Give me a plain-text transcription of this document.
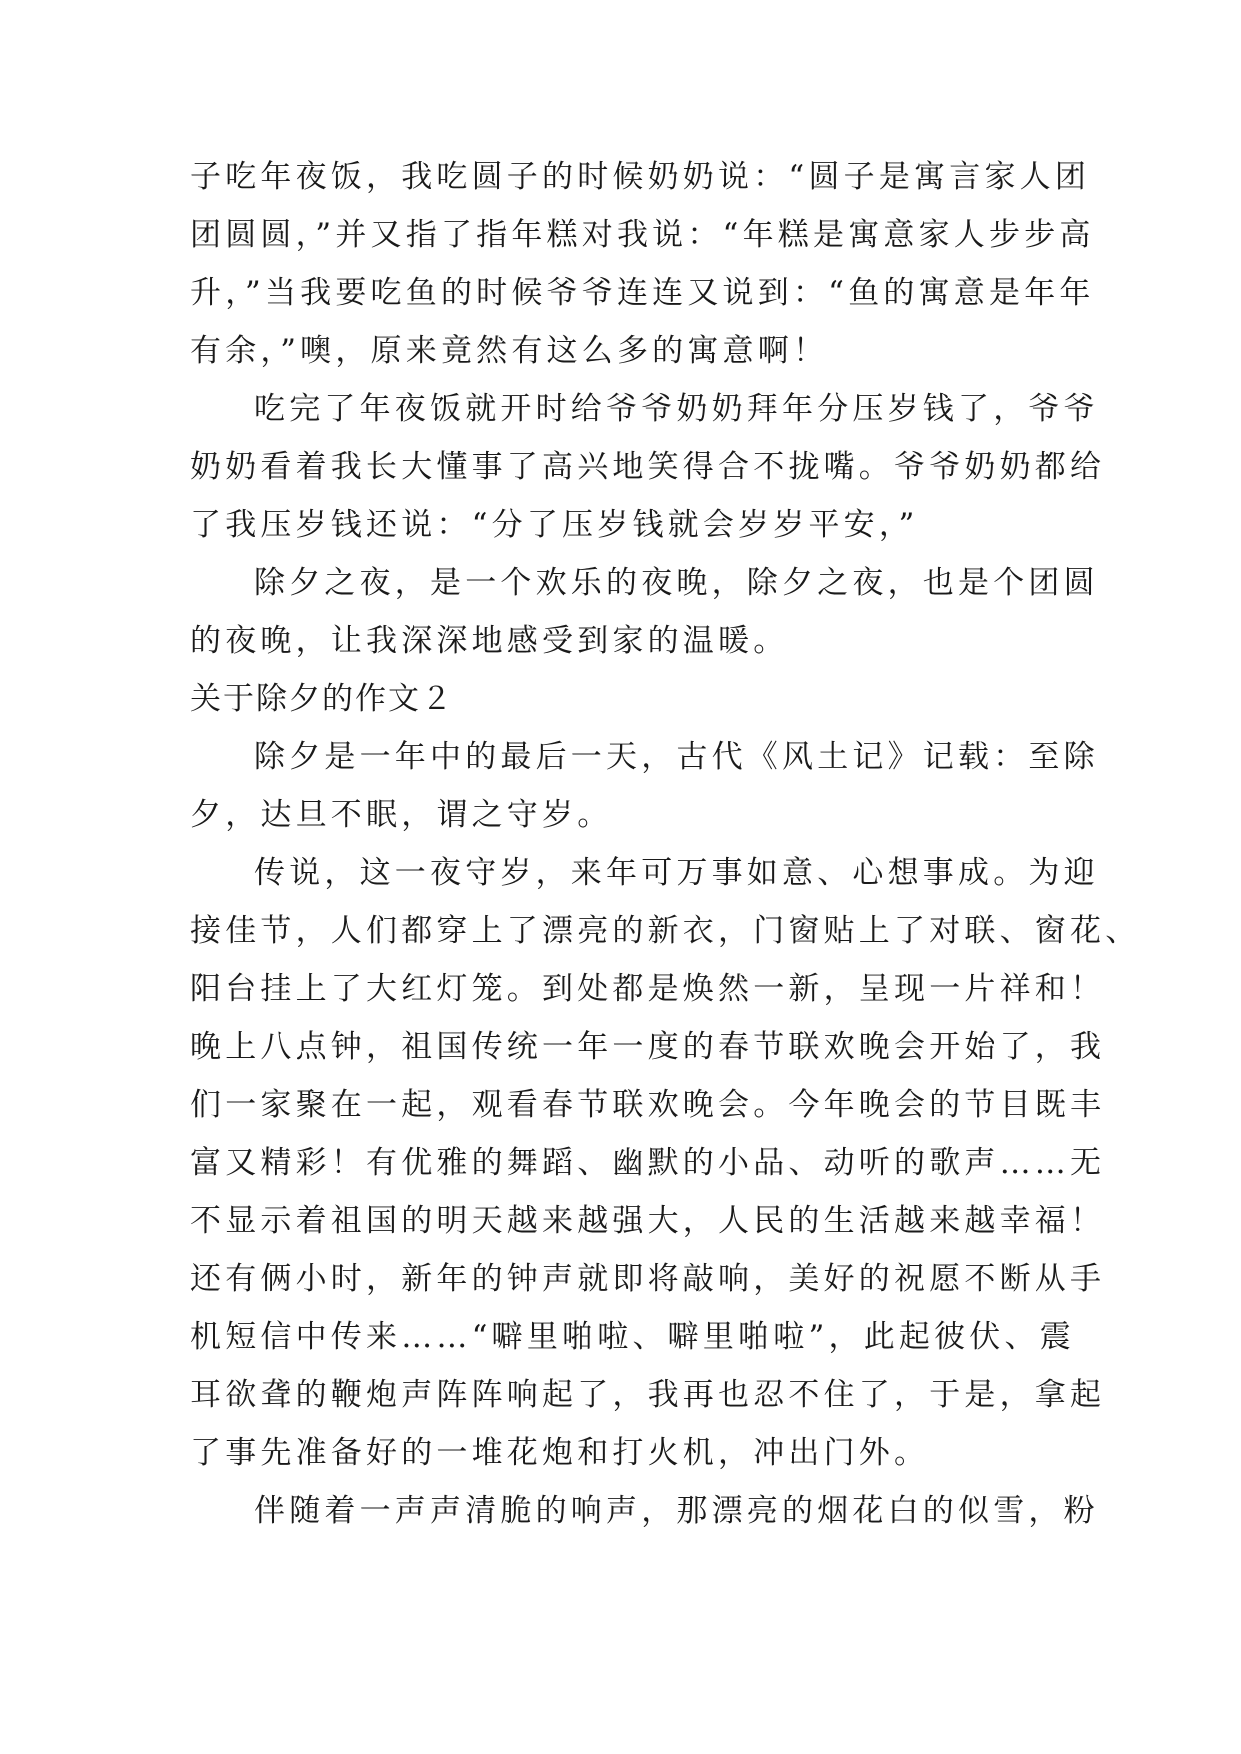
子吃年夜饭，我吃圆子的时候奶奶说：“圆子是寓言家人团
团圆圆，”并又指了指年糕对我说：“年糕是寓意家人步步高
升，”当我要吃鱼的时候爷爷连连又说到：“鱼的寓意是年年
有余，”噢，原来竟然有这么多的寓意啊！
吃完了年夜饭就开时给爷爷奶奶拜年分压岁钱了，爷爷
奶奶看着我长大懂事了高兴地笑得合不拢嘴。爷爷奶奶都给
了我压岁钱还说：“分了压岁钱就会岁岁平安，”
除夕之夜，是一个欢乐的夜晚，除夕之夜，也是个团圆
的夜晚，让我深深地感受到家的温暖。
关于除夕的作文２
除夕是一年中的最后一天，古代《风土记》记载：至除
夕，达旦不眠，谓之守岁。
传说，这一夜守岁，来年可万事如意、心想事成。为迎
接佳节，人们都穿上了漂亮的新衣，门窗贴上了对联、窗花、
阳台挂上了大红灯笼。到处都是焕然一新，呈现一片祥和！
晚上八点钟，祖国传统一年一度的春节联欢晚会开始了，我
们一家聚在一起，观看春节联欢晚会。今年晚会的节目既丰
富又精彩！有优雅的舞蹈、幽默的小品、动听的歌声……无
不显示着祖国的明天越来越强大，人民的生活越来越幸福！
还有俩小时，新年的钟声就即将敲响，美好的祝愿不断从手
机短信中传来……“噼里啪啦、噼里啪啦”，此起彼伏、震
耳欲聋的鞭炮声阵阵响起了，我再也忍不住了，于是，拿起
了事先准备好的一堆花炮和打火机，冲出门外。
伴随着一声声清脆的响声，那漂亮的烟花白的似雪，粉
